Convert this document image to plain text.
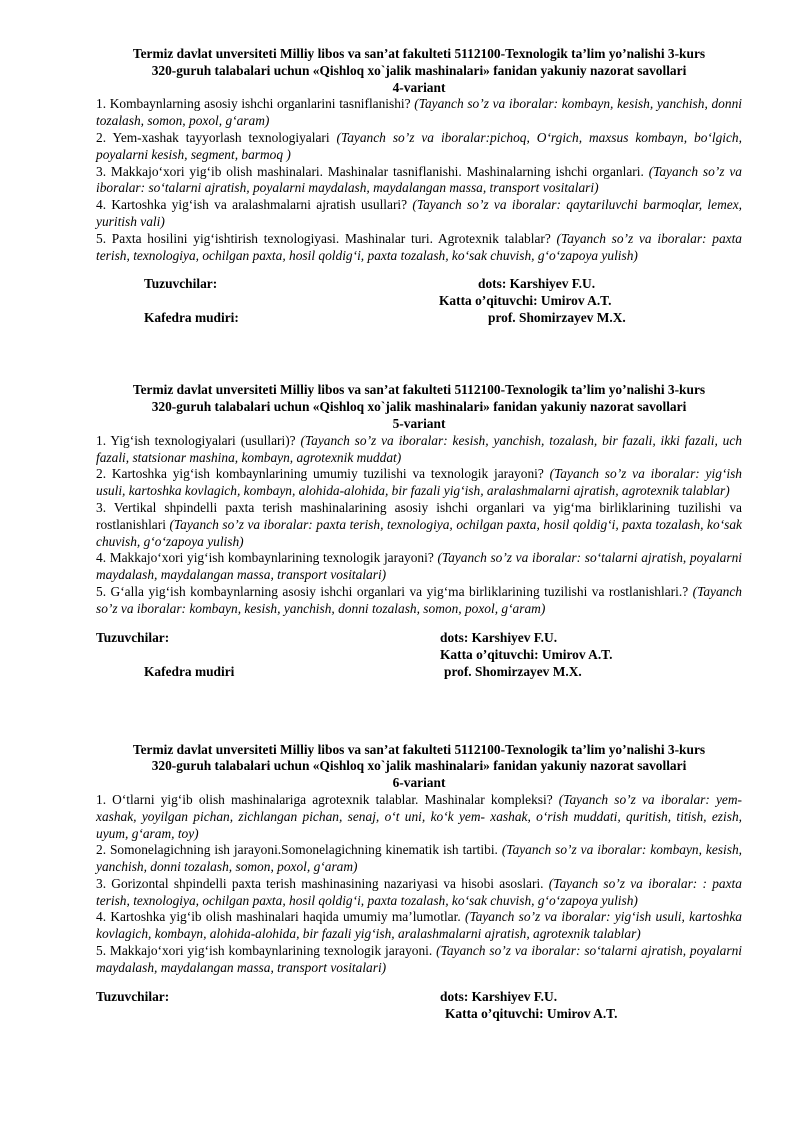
Termiz davlat unversiteti Milliy libos va san’at fakulteti 5112100-Texnologik ta’lim yo’nalishi 3-kurs
320-guruh talabalari uchun «Qishloq xo`jalik mashinalari» fanidan yakuniy nazorat savollari
4-variant
1. Kombaynlarning asosiy ishchi organlarini tasniflanishi? (Tayanch so’z va iboralar: kombayn, kesish, yanchish, donni tozalash, somon, poxol, g‘aram)
2. Yem-xashak tayyorlash texnologiyalari (Tayanch so’z va iboralar:pichoq, O‘rgich, maxsus kombayn, bo‘lgich, poyalarni kesish, segment, barmoq )
3. Makkajo‘xori yig‘ib olish mashinalari. Mashinalar tasniflanishi. Mashinalarning ishchi organlari. (Tayanch so’z va iboralar: so‘talarni ajratish, poyalarni maydalash, maydalangan massa, transport vositalari)
4. Kartoshka yig‘ish va aralashmalarni ajratish usullari? (Tayanch so’z va iboralar: qaytariluvchi barmoqlar, lemex, yuritish vali)
5. Paxta hosilini yig‘ishtirish texnologiyasi. Mashinalar turi. Agrotexnik talablar? (Tayanch so’z va iboralar: paxta terish, texnologiya, ochilgan paxta, hosil qoldig‘i, paxta tozalash, ko‘sak chuvish, g‘o‘zapoya yulish)
Tuzuvchilar:	dots: Karshiyev F.U.
Katta o’qituvchi: Umirov A.T.
Kafedra mudiri:	prof. Shomirzayev M.X.
Termiz davlat unversiteti Milliy libos va san’at fakulteti 5112100-Texnologik ta’lim yo’nalishi 3-kurs
320-guruh talabalari uchun «Qishloq xo`jalik mashinalari» fanidan yakuniy nazorat savollari
5-variant
1. Yig‘ish texnologiyalari (usullari)? (Tayanch so’z va iboralar: kesish, yanchish, tozalash, bir fazali, ikki fazali, uch fazali, statsionar mashina, kombayn, agrotexnik muddat)
2. Kartoshka yig‘ish kombaynlarining umumiy tuzilishi va texnologik jarayoni? (Tayanch so’z va iboralar: yig‘ish usuli, kartoshka kovlagich, kombayn, alohida-alohida, bir fazali yig‘ish, aralashmalarni ajratish, agrotexnik talablar)
3. Vertikal shpindelli paxta terish mashinalarining asosiy ishchi organlari va yig‘ma birliklarining tuzilishi va rostlanishlari (Tayanch so’z va iboralar: paxta terish, texnologiya, ochilgan paxta, hosil qoldig‘i, paxta tozalash, ko‘sak chuvish, g‘o‘zapoya yulish)
4. Makkajo‘xori yig‘ish kombaynlarining texnologik jarayoni? (Tayanch so’z va iboralar: so‘talarni ajratish, poyalarni maydalash, maydalangan massa, transport vositalari)
5. G‘alla yig‘ish kombaynlarning asosiy ishchi organlari va yig‘ma birliklarining tuzilishi va rostlanishlari.? (Tayanch so’z va iboralar: kombayn, kesish, yanchish, donni tozalash, somon, poxol, g‘aram)
Tuzuvchilar:	dots: Karshiyev F.U.
Katta o’qituvchi: Umirov A.T.
Kafedra mudiri	prof. Shomirzayev M.X.
Termiz davlat unversiteti Milliy libos va san’at fakulteti 5112100-Texnologik ta’lim yo’nalishi 3-kurs
320-guruh talabalari uchun «Qishloq xo`jalik mashinalari» fanidan yakuniy nazorat savollari
6-variant
1. O‘tlarni yig‘ib olish mashinalariga agrotexnik talablar. Mashinalar kompleksi? (Tayanch so’z va iboralar: yem-xashak, yoyilgan pichan, zichlangan pichan, senaj, o‘t uni, ko‘k yem- xashak, o‘rish muddati, quritish, titish, ezish, uyum, g‘aram, toy)
2. Somonelagichning ish jarayoni.Somonelagichning kinematik ish tartibi. (Tayanch so’z va iboralar: kombayn, kesish, yanchish, donni tozalash, somon, poxol, g‘aram)
3. Gorizontal shpindelli paxta terish mashinasining nazariyasi va hisobi asoslari. (Tayanch so’z va iboralar: : paxta terish, texnologiya, ochilgan paxta, hosil qoldig‘i, paxta tozalash, ko‘sak chuvish, g‘o‘zapoya yulish)
4. Kartoshka yig‘ib olish mashinalari haqida umumiy ma’lumotlar. (Tayanch so’z va iboralar: yig‘ish usuli, kartoshka kovlagich, kombayn, alohida-alohida, bir fazali yig‘ish, aralashmalarni ajratish, agrotexnik talablar)
5. Makkajo‘xori yig‘ish kombaynlarining texnologik jarayoni. (Tayanch so’z va iboralar: so‘talarni ajratish, poyalarni maydalash, maydalangan massa, transport vositalari)
Tuzuvchilar:	dots: Karshiyev F.U.
Katta o’qituvchi: Umirov A.T.
